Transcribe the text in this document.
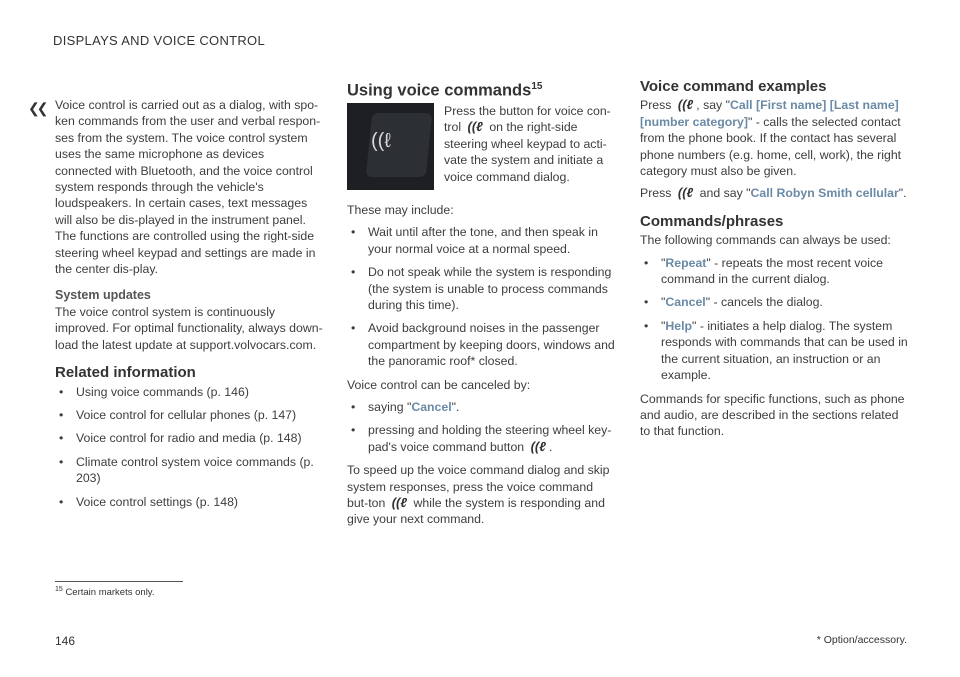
DISPLAYS AND VOICE CONTROL
❮❮ Voice control is carried out as a dialog, with spo-ken commands from the user and verbal respon-ses from the system. The voice control system uses the same microphone as devices connected with Bluetooth, and the voice control system responds through the vehicle's loudspeakers. In certain cases, text messages will also be dis-played in the instrument panel. The functions are controlled using the right-side steering wheel keypad and settings are made in the center dis-play.

System updates

The voice control system is continuously improved. For optimal functionality, always down-load the latest update at support.volvocars.com.

Related information
• Using voice commands (p. 146)
• Voice control for cellular phones (p. 147)
• Voice control for radio and media (p. 148)
• Climate control system voice commands (p. 203)
• Voice control settings (p. 148)
Using voice commands$^{15}$
((ℓ

Press the button for voice con-trol ((ℓ on the right-side steering wheel keypad to acti-vate the system and initiate a voice command dialog.

These may include:

• Wait until after the tone, and then speak in your normal voice at a normal speed.
• Do not speak while the system is responding (the system is unable to process commands during this time).
• Avoid background noises in the passenger compartment by keeping doors, windows and the panoramic roof* closed.

Voice control can be canceled by:

• saying "Cancel".
• pressing and holding the steering wheel key-pad's voice command button ((ℓ .

To speed up the voice command dialog and skip system responses, press the voice command but-ton ((ℓ while the system is responding and give your next command.

Voice command examples

Press ((ℓ , say "Call [First name] [Last name] [number category]" - calls the selected contact from the phone book. If the contact has several phone numbers (e.g. home, cell, work), the right category must also be given.

Press ((ℓ and say "Call Robyn Smith cellular".

Commands/phrases

The following commands can always be used:

• "Repeat" - repeats the most recent voice command in the current dialog.
• "Cancel" - cancels the dialog.
• "Help" - initiates a help dialog. The system responds with commands that can be used in the current situation, an instruction or an example.

Commands for specific functions, such as phone and audio, are described in the sections related to that function.

$^{15}$ Certain markets only.
146	* Option/accessory.
